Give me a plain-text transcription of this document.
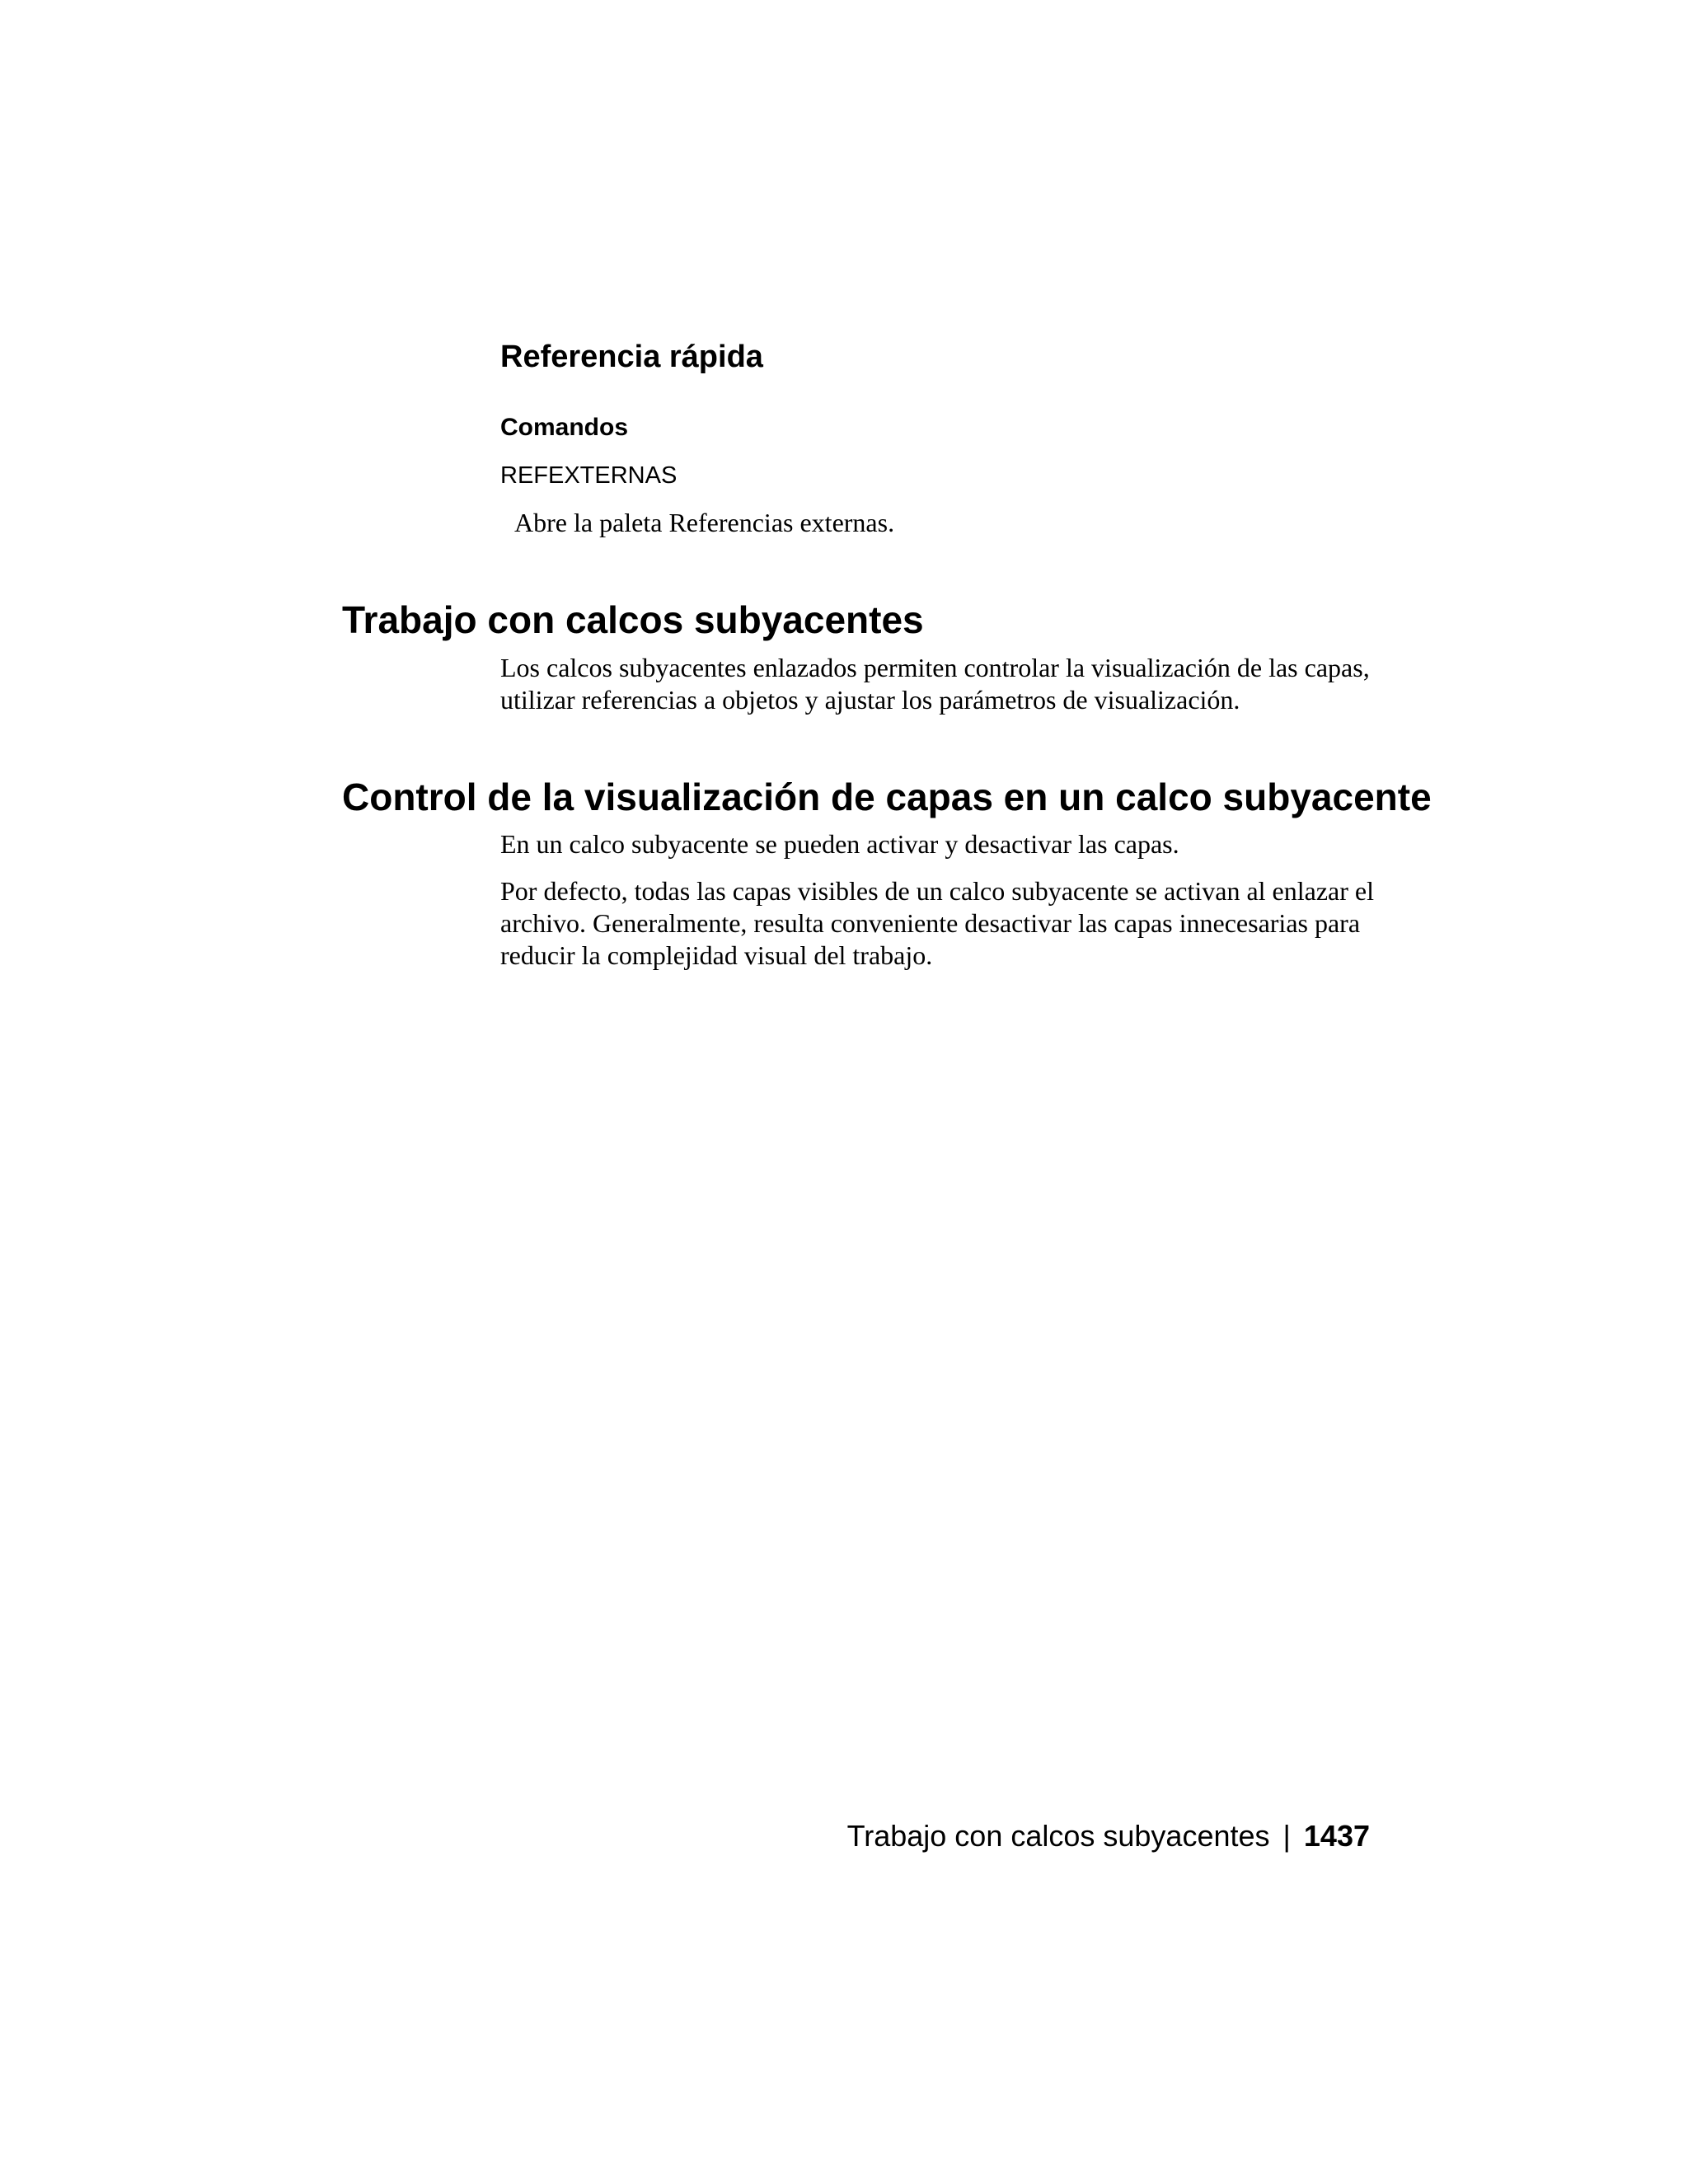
Referencia rápida
Comandos
REFEXTERNAS
Abre la paleta Referencias externas.
Trabajo con calcos subyacentes

Los calcos subyacentes enlazados permiten controlar la visualización de las capas, utilizar referencias a objetos y ajustar los parámetros de visualización.

Control de la visualización de capas en un calco subyacente

En un calco subyacente se pueden activar y desactivar las capas.

Por defecto, todas las capas visibles de un calco subyacente se activan al enlazar el archivo. Generalmente, resulta conveniente desactivar las capas innecesarias para reducir la complejidad visual del trabajo.

Trabajo con calcos subyacentes | 1437
